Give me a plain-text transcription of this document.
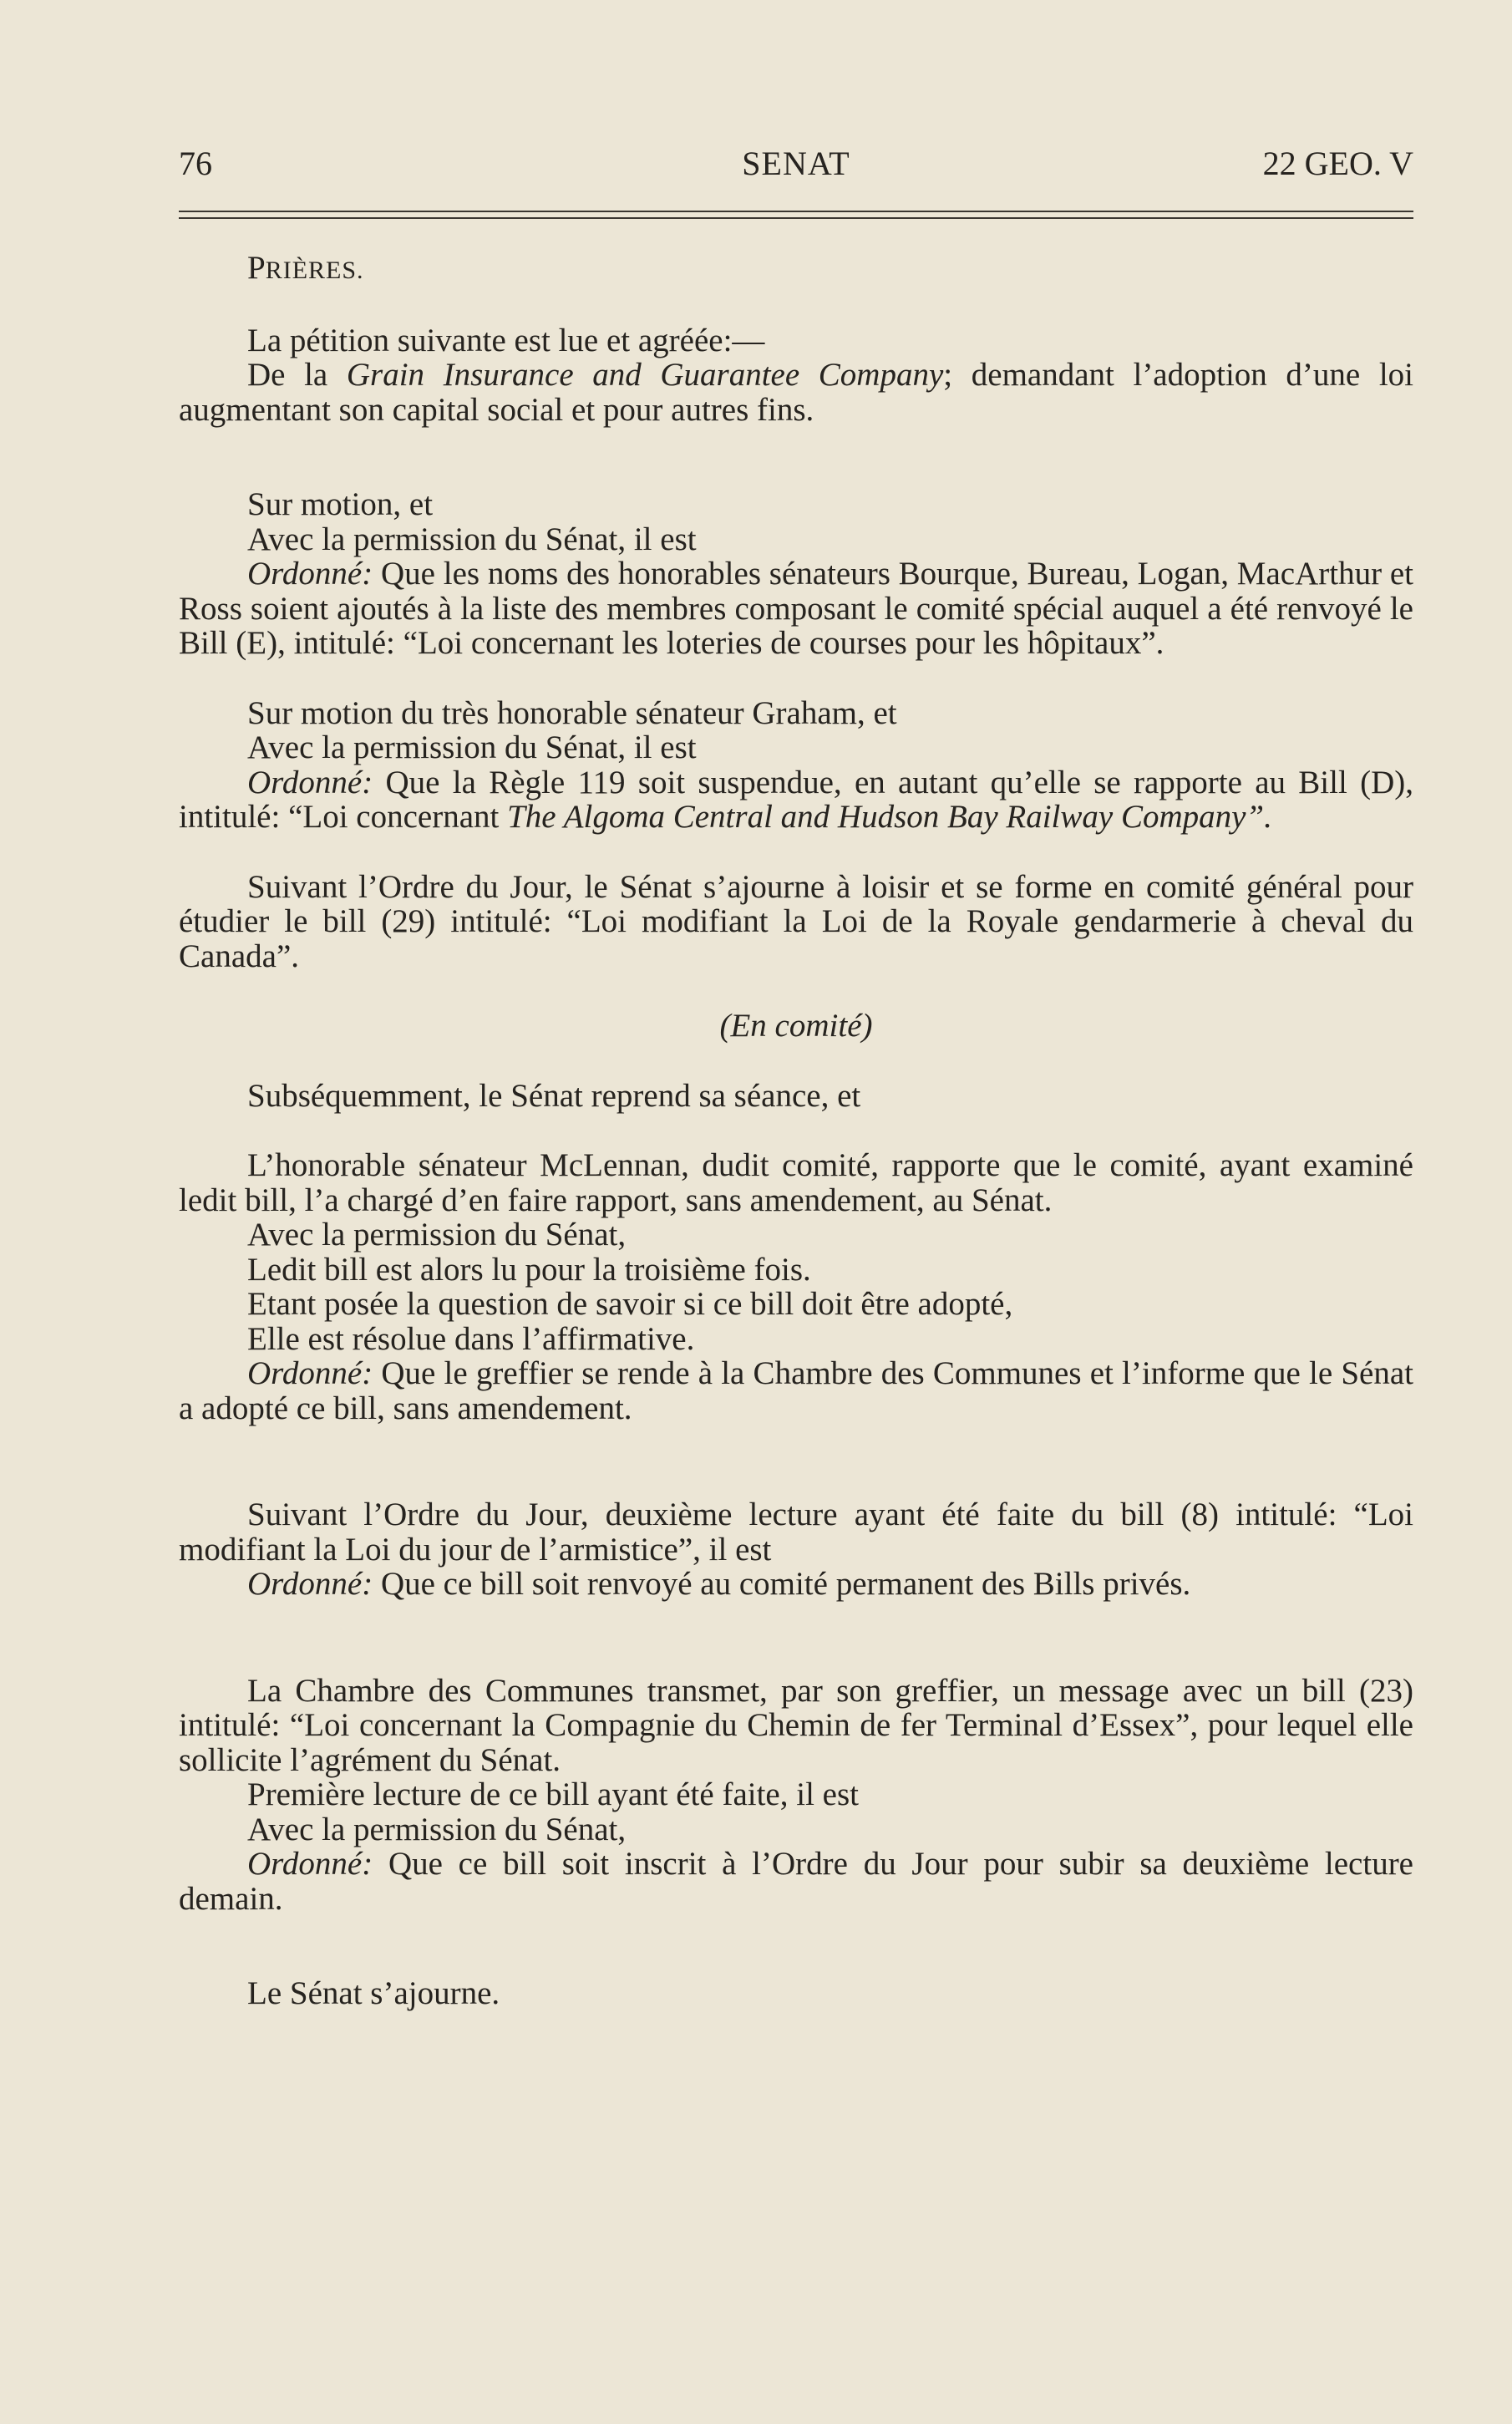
76	SENAT	22 GEO. V

PRIÈRES.

La pétition suivante est lue et agréée:—

De la Grain Insurance and Guarantee Company; demandant l’adoption d’une loi augmentant son capital social et pour autres fins.

Sur motion, et

Avec la permission du Sénat, il est

Ordonné: Que les noms des honorables sénateurs Bourque, Bureau, Logan, MacArthur et Ross soient ajoutés à la liste des membres composant le comité spécial auquel a été renvoyé le Bill (E), intitulé: “Loi concernant les loteries de courses pour les hôpitaux”.

Sur motion du très honorable sénateur Graham, et

Avec la permission du Sénat, il est

Ordonné: Que la Règle 119 soit suspendue, en autant qu’elle se rapporte au Bill (D), intitulé: “Loi concernant The Algoma Central and Hudson Bay Railway Company”.

Suivant l’Ordre du Jour, le Sénat s’ajourne à loisir et se forme en comité général pour étudier le bill (29) intitulé: “Loi modifiant la Loi de la Royale gendarmerie à cheval du Canada”.

(En comité)

Subséquemment, le Sénat reprend sa séance, et

L’honorable sénateur McLennan, dudit comité, rapporte que le comité, ayant examiné ledit bill, l’a chargé d’en faire rapport, sans amendement, au Sénat.

Avec la permission du Sénat,

Ledit bill est alors lu pour la troisième fois.

Etant posée la question de savoir si ce bill doit être adopté,

Elle est résolue dans l’affirmative.

Ordonné: Que le greffier se rende à la Chambre des Communes et l’informe que le Sénat a adopté ce bill, sans amendement.

Suivant l’Ordre du Jour, deuxième lecture ayant été faite du bill (8) intitulé: “Loi modifiant la Loi du jour de l’armistice”, il est

Ordonné: Que ce bill soit renvoyé au comité permanent des Bills privés.

La Chambre des Communes transmet, par son greffier, un message avec un bill (23) intitulé: “Loi concernant la Compagnie du Chemin de fer Terminal d’Essex”, pour lequel elle sollicite l’agrément du Sénat.

Première lecture de ce bill ayant été faite, il est

Avec la permission du Sénat,

Ordonné: Que ce bill soit inscrit à l’Ordre du Jour pour subir sa deuxième lecture demain.

Le Sénat s’ajourne.
